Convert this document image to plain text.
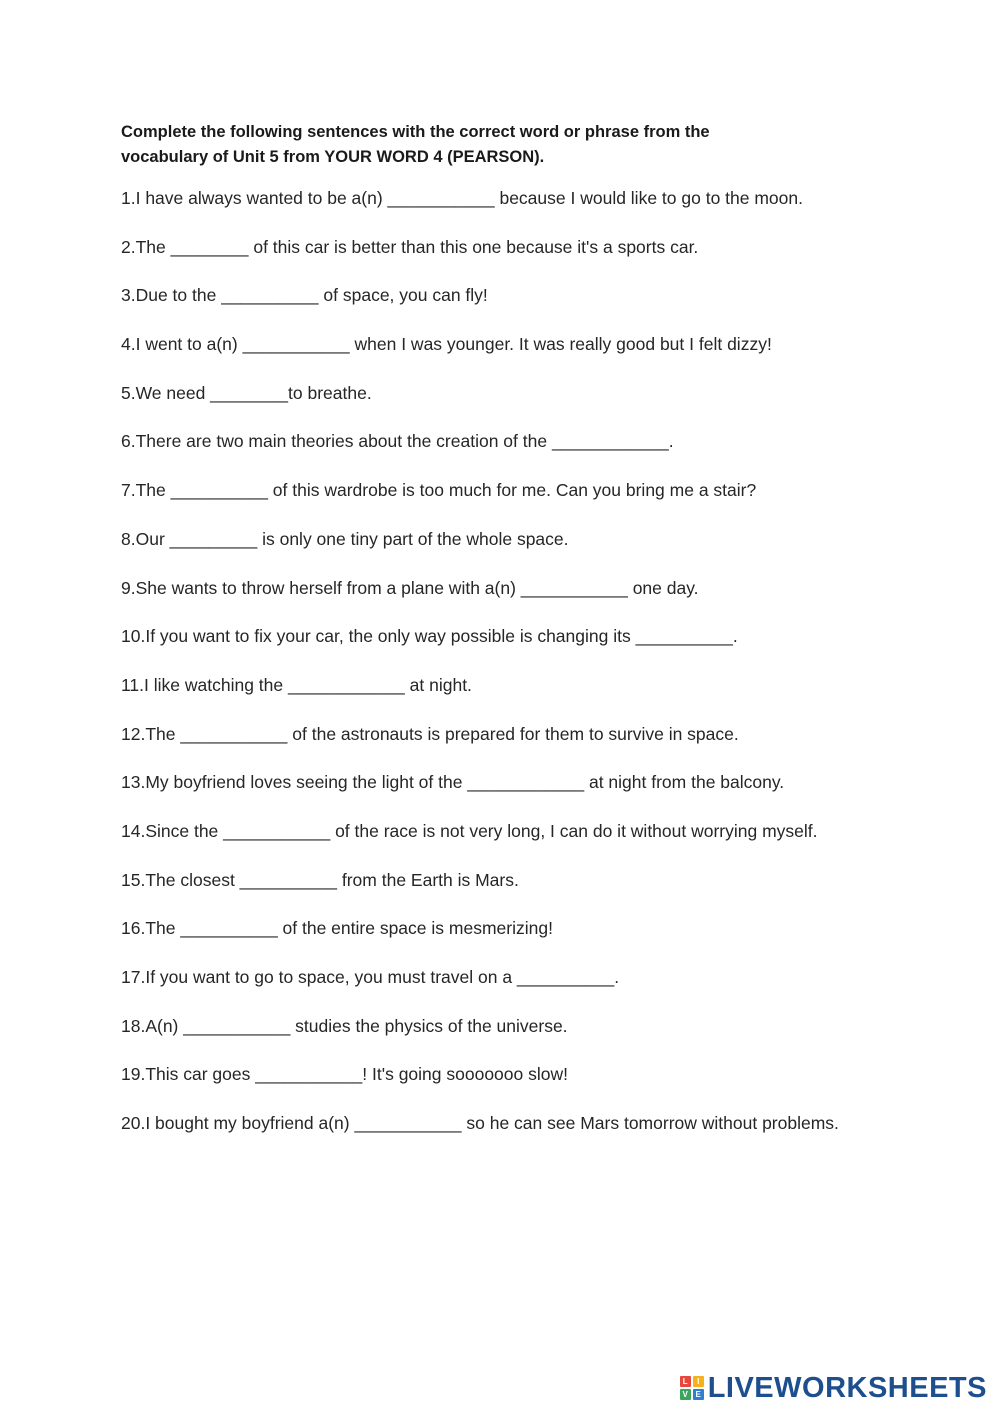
Complete the following sentences with the correct word or phrase from the
vocabulary of Unit 5 from YOUR WORD 4 (PEARSON).
1.I have always wanted to be a(n) ___________ because I would like to go to the moon.
2.The ________ of this car is better than this one because it's a sports car.
3.Due to the __________ of space, you can fly!
4.I went to a(n) ___________ when I was younger. It was really good but I felt dizzy!
5.We need ________to breathe.
6.There are two main theories about the creation of the ____________.
7.The __________ of this wardrobe is too much for me. Can you bring me a stair?
8.Our _________ is only one tiny part of the whole space.
9.She wants to throw herself from a plane with a(n) ___________ one day.
10.If you want to fix your car, the only way possible is changing its __________.
11.I like watching the ____________ at night.
12.The ___________ of the astronauts is prepared for them to survive in space.
13.My boyfriend loves seeing the light of the ____________ at night from the balcony.
14.Since the ___________ of the race is not very long, I can do it without worrying myself.
15.The closest __________ from the Earth is Mars.
16.The __________ of the entire space is mesmerizing!
17.If you want to go to space, you must travel on a __________.
18.A(n) ___________ studies the physics of the universe.
19.This car goes ___________! It's going sooooooo slow!
20.I bought my boyfriend a(n) ___________ so he can see Mars tomorrow without problems.
L	I
V E LIVEWORKSHEETS
